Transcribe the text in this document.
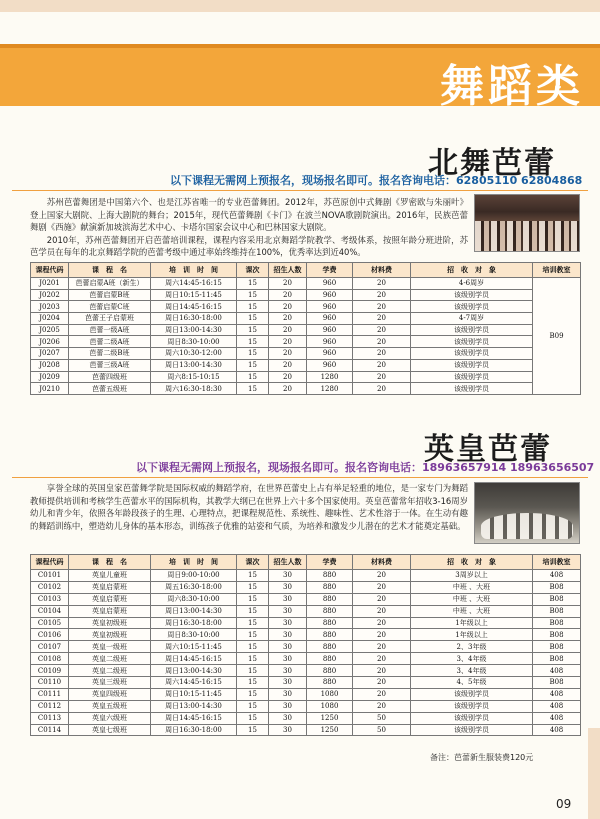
舞蹈类
北舞芭蕾
以下课程无需网上预报名，现场报名即可。报名咨询电话：62805110 62804868

苏州芭蕾舞团是中国第六个、也是江苏省唯一的专业芭蕾舞团。2012年，苏芭原创中式舞剧《罗密欧与朱丽叶》登上国家大剧院、上海大剧院的舞台；2015年，现代芭蕾舞剧《卡门》在波兰NOVA歌剧院演出。2016年，民族芭蕾舞剧《西施》献演新加坡滨海艺术中心、卡塔尔国家会议中心和巴林国家大剧院。

2010年，苏州芭蕾舞团开启芭蕾培训课程，课程内容采用北京舞蹈学院教学、考级体系，按照年龄分班进阶，苏芭学员在每年的北京舞蹈学院的芭蕾考级中通过率始终维持在100%，优秀率达到近40%。

课程代码	课　程　名	培　训　时　间	课次	招生人数	学费	材料费	招　收　对　象	培训教室
J0201	芭蕾启蒙A班（新生）	周六14:45-16:15	15	20	960	20	4-6周岁	B09
J0202	芭蕾启蒙B班	周日10:15-11:45	15	20	960	20	该级别学员	
J0203	芭蕾启蒙C班	周日14:45-16:15	15	20	960	20	该级别学员	
J0204	芭蕾王子启蒙班	周日16:30-18:00	15	20	960	20	4-7周岁	
J0205	芭蕾一级A班	周日13:00-14:30	15	20	960	20	该级别学员	
J0206	芭蕾二级A班	周日8:30-10:00	15	20	960	20	该级别学员	
J0207	芭蕾二级B班	周六10:30-12:00	15	20	960	20	该级别学员	
J0208	芭蕾三级A班	周日13:00-14:30	15	20	960	20	该级别学员	
J0209	芭蕾四级班	周六8:15-10:15	15	20	1280	20	该级别学员	
J0210	芭蕾五级班	周六16:30-18:30	15	20	1280	20	该级别学员	
英皇芭蕾
以下课程无需网上预报名，现场报名即可。报名咨询电话：18963657914 18963656507

享誉全球的英国皇家芭蕾舞学院是国际权威的舞蹈学府，在世界芭蕾史上占有举足轻重的地位，是一家专门为舞蹈教师提供培训和考核学生芭蕾水平的国际机构，其教学大纲已在世界上六十多个国家使用。英皇芭蕾常年招收3-16周岁幼儿和青少年，依照各年龄段孩子的生理、心理特点，把课程规范性、系统性、趣味性、艺术性溶于一体。在生动有趣的舞蹈训练中，塑造幼儿身体的基本形态，训练孩子优雅的站姿和气质，为培养和激发少儿潜在的艺术才能奠定基础。

课程代码	课　程　名	培　训　时　间	课次	招生人数	学费	材料费	招　收　对　象	培训教室
C0101	英皇儿童班	周日9:00-10:00	15	30	880	20	3周岁以上	408
C0102	英皇启蒙班	周五16:30-18:00	15	30	880	20	中班 、大班	B08
C0103	英皇启蒙班	周六8:30-10:00	15	30	880	20	中班 、大班	B08
C0104	英皇启蒙班	周日13:00-14:30	15	30	880	20	中班 、大班	B08
C0105	英皇初级班	周日16:30-18:00	15	30	880	20	1年级以上	B08
C0106	英皇初级班	周日8:30-10:00	15	30	880	20	1年级以上	B08
C0107	英皇一级班	周六10:15-11:45	15	30	880	20	2、3年级	B08
C0108	英皇二级班	周日14:45-16:15	15	30	880	20	3、4年级	B08
C0109	英皇二级班	周日13:00-14:30	15	30	880	20	3、4年级	408
C0110	英皇三级班	周六14:45-16:15	15	30	880	20	4、5年级	B08
C0111	英皇四级班	周日10:15-11:45	15	30	1080	20	该级别学员	408
C0112	英皇五级班	周日13:00-14:30	15	30	1080	20	该级别学员	408
C0113	英皇六级班	周日14:45-16:15	15	30	1250	50	该级别学员	408
C0114	英皇七级班	周日16:30-18:00	15	30	1250	50	该级别学员	408
备注：芭蕾新生服装费120元
09
